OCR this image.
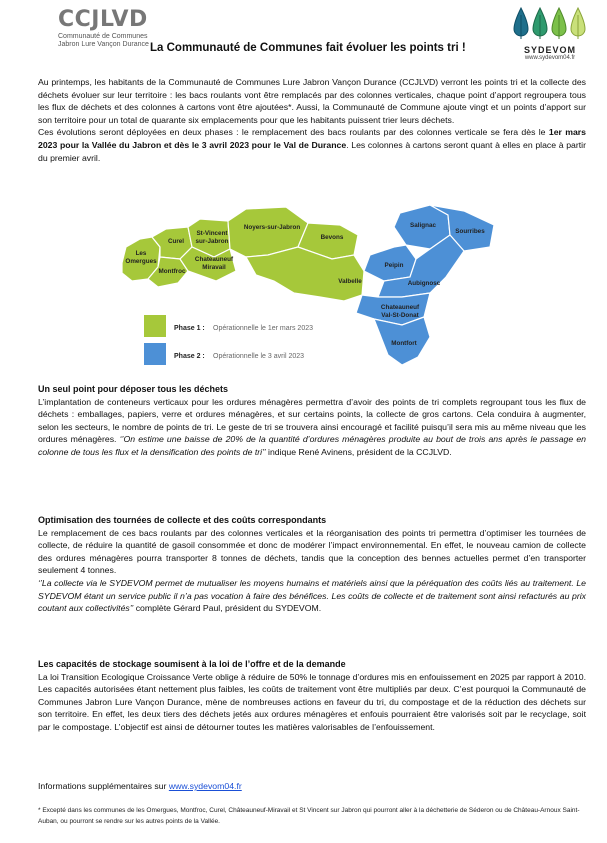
CCJLVD
Communauté de Communes
Jabron Lure Vançon Durance La Communauté de Communes fait évoluer les points tri !	SYDEVOM
www.sydevom04.fr

Au printemps, les habitants de la Communauté de Communes Lure Jabron Vançon Durance (CCJLVD) verront les points tri et la collecte des déchets évoluer sur leur territoire : les bacs roulants vont être remplacés par des colonnes verticales, chaque point d’apport regroupera tous les flux de déchets et des colonnes à cartons vont être ajoutées*. Aussi, la Communauté de Commune ajoute vingt et un points d’apport sur son territoire pour un total de quarante six emplacements pour que les habitants puissent trier leurs déchets.

Ces évolutions seront déployées en deux phases : le remplacement des bacs roulants par des colonnes verticale se fera dès le 1er mars 2023 pour la Vallée du Jabron et dès le 3 avril 2023 pour le Val de Durance. Les colonnes à cartons seront quant à elles en place à partir du premier avril.

Les
Omergues
Curel
St-Vincent
sur-Jabron
Noyers-sur-Jabron
Bevons
Montfroc
Chateauneuf
Miravail
Valbelle
Salignac
Sourribes
Peipin
Aubignosc
Chateauneuf
Val-St-Donat
Montfort
Phase 1 : Opérationnelle le 1er mars 2023
Phase 2 : Opérationnelle le 3 avril 2023

Un seul point pour déposer tous les déchets

L’implantation de conteneurs verticaux pour les ordures ménagères permettra d’avoir des points de tri complets regroupant tous les flux de déchets : emballages, papiers, verre et ordures ménagères, et sur certains points, la collecte de gros cartons. Cela conduira à augmenter, selon les secteurs, le nombre de points de tri. Le geste de tri se trouvera ainsi encouragé et facilité puisqu’il sera mis au même niveau que les ordures ménagères. ‘’On estime une baisse de 20% de la quantité d’ordures ménagères produite au bout de trois ans après le passage en colonne de tous les flux et la densification des points de tri’’ indique René Avinens, président de la CCJLVD.

Optimisation des tournées de collecte et des coûts correspondants

Le remplacement de ces bacs roulants par des colonnes verticales et la réorganisation des points tri permettra d’optimiser les tournées de collecte, de réduire la quantité de gasoil consommée et donc de modérer l’impact environnemental. En effet, le nouveau camion de collecte des ordures ménagères pourra transporter 8 tonnes de déchets, tandis que la conception des bennes actuelles permet d’en transporter seulement 4 tonnes.

‘’La collecte via le SYDEVOM permet de mutualiser les moyens humains et matériels ainsi que la péréquation des coûts liés au traitement. Le SYDEVOM étant un service public il n’a pas vocation à faire des bénéfices. Les coûts de collecte et de traitement sont ainsi refacturés au prix coutant aux collectivités’’ complète Gérard Paul, président du SYDEVOM.

Les capacités de stockage soumisent à la loi de l’offre et de la demande

La loi Transition Ecologique Croissance Verte oblige à réduire de 50% le tonnage d’ordures mis en enfouissement en 2025 par rapport à 2010. Les capacités autorisées étant nettement plus faibles, les coûts de traitement vont être multipliés par deux. C’est pourquoi la Communauté de Communes Jabron Lure Vançon Durance, mène de nombreuses actions en faveur du tri, du compostage et de la réduction des déchets sur son territoire. En effet, les deux tiers des déchets jetés aux ordures ménagères et enfouis pourraient être valorisés soit par le recyclage, soit par le compostage. L’objectif est ainsi de détourner toutes les matières valorisables de l’enfouissement.

Informations supplémentaires sur www.sydevom04.fr
* Excepté dans les communes de les Omergues, Montfroc, Curel, Châteauneuf-Miravail et St Vincent sur Jabron qui pourront aller à la déchetterie de Séderon ou de Château-Arnoux Saint-Auban, ou pourront se rendre sur les autres points de la Vallée.
